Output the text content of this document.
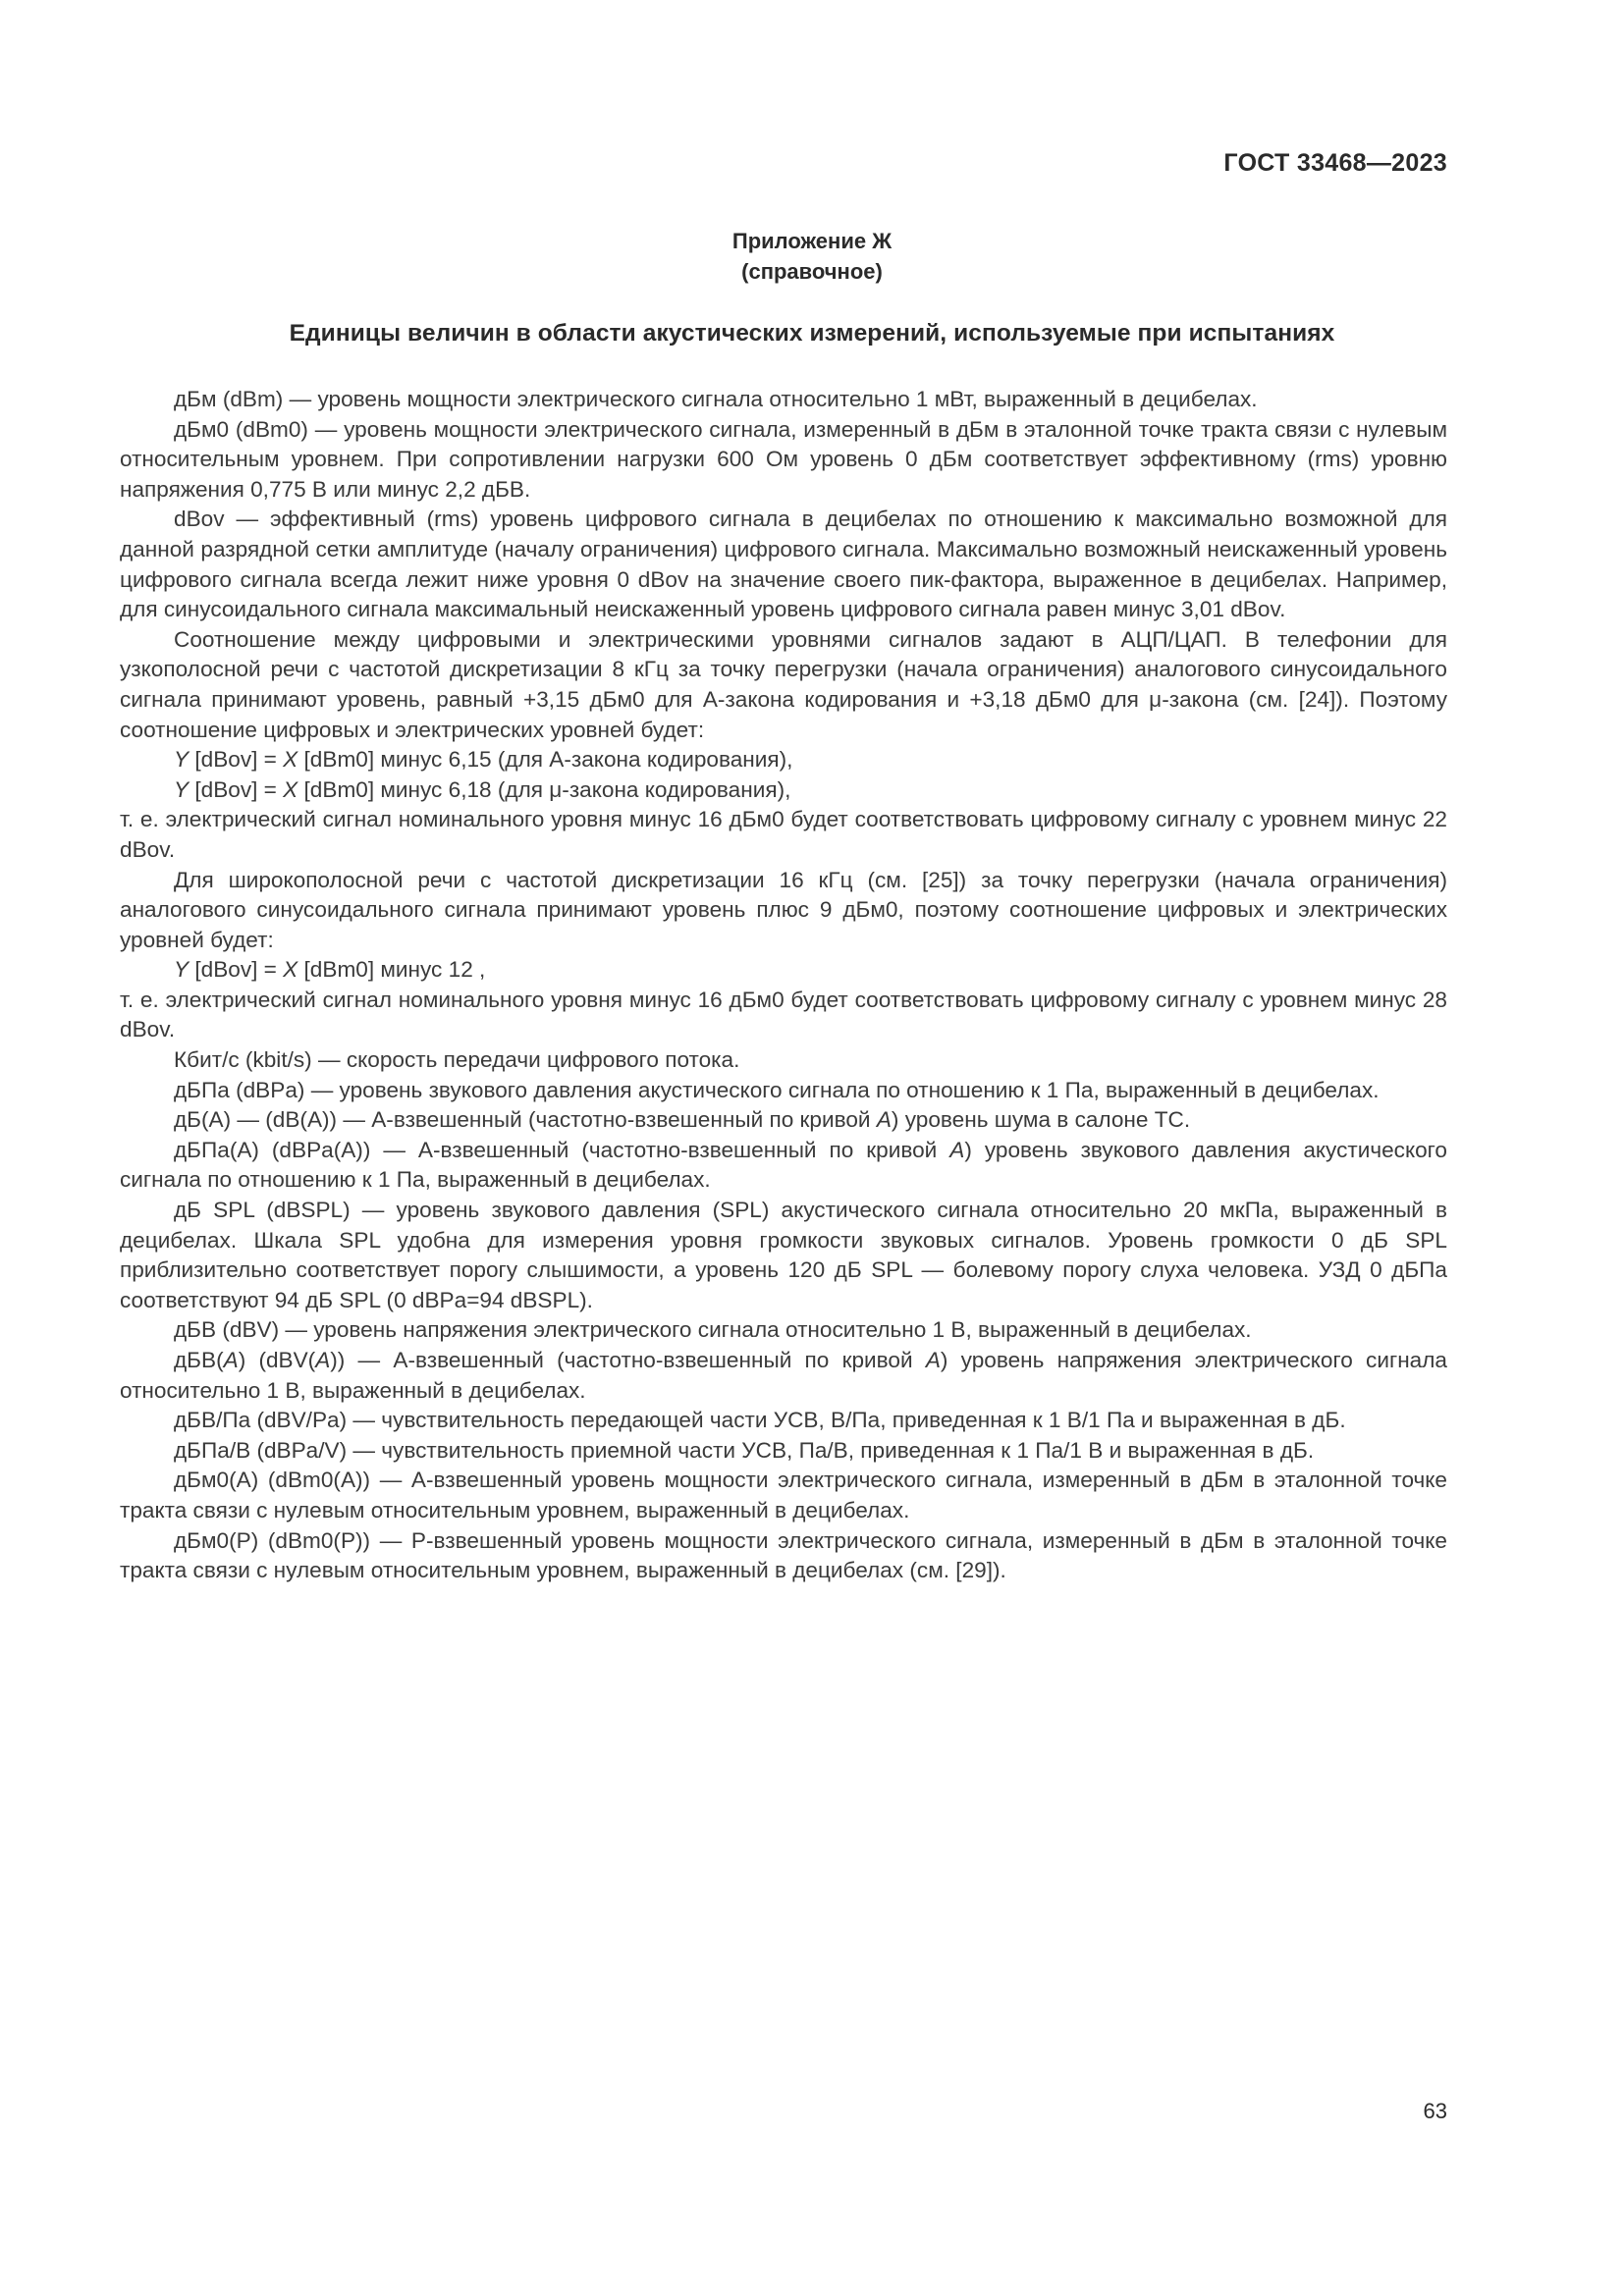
ГОСТ 33468—2023

Приложение Ж
(справочное)
Единицы величин в области акустических измерений, используемые при испытаниях

дБм (dBm) — уровень мощности электрического сигнала относительно 1 мВт, выраженный в децибелах.

дБм0 (dBm0) — уровень мощности электрического сигнала, измеренный в дБм в эталонной точке тракта связи с нулевым относительным уровнем. При сопротивлении нагрузки 600 Ом уровень 0 дБм соответствует эффективному (rms) уровню напряжения 0,775 В или минус 2,2 дБВ.

dBov — эффективный (rms) уровень цифрового сигнала в децибелах по отношению к максимально возможной для данной разрядной сетки амплитуде (началу ограничения) цифрового сигнала. Максимально возможный неискаженный уровень цифрового сигнала всегда лежит ниже уровня 0 dBov на значение своего пик-фактора, выраженное в децибелах. Например, для синусоидального сигнала максимальный неискаженный уровень цифрового сигнала равен минус 3,01 dBov.

Соотношение между цифровыми и электрическими уровнями сигналов задают в АЦП/ЦАП. В телефонии для узкополосной речи с частотой дискретизации 8 кГц за точку перегрузки (начала ограничения) аналогового синусоидального сигнала принимают уровень, равный +3,15 дБм0 для А-закона кодирования и +3,18 дБм0 для μ-закона (см. [24]). Поэтому соотношение цифровых и электрических уровней будет:

Y [dBov] = X [dBm0] минус 6,15 (для А-закона кодирования),

Y [dBov] = X [dBm0] минус 6,18 (для μ-закона кодирования),

т. е. электрический сигнал номинального уровня минус 16 дБм0 будет соответствовать цифровому сигналу с уровнем минус 22 dBov.

Для широкополосной речи с частотой дискретизации 16 кГц (см. [25]) за точку перегрузки (начала ограничения) аналогового синусоидального сигнала принимают уровень плюс 9 дБм0, поэтому соотношение цифровых и электрических уровней будет:

Y [dBov] = X [dBm0] минус 12 ,

т. е. электрический сигнал номинального уровня минус 16 дБм0 будет соответствовать цифровому сигналу с уровнем минус 28 dBov.

Кбит/с (kbit/s) — скорость передачи цифрового потока.

дБПа (dBPa) — уровень звукового давления акустического сигнала по отношению к 1 Па, выраженный в децибелах.

дБ(А) — (dB(A)) — А-взвешенный (частотно-взвешенный по кривой А) уровень шума в салоне ТС.

дБПа(А) (dBPa(A)) — А-взвешенный (частотно-взвешенный по кривой А) уровень звукового давления акустического сигнала по отношению к 1 Па, выраженный в децибелах.

дБ SPL (dBSPL) — уровень звукового давления (SPL) акустического сигнала относительно 20 мкПа, выраженный в децибелах. Шкала SPL удобна для измерения уровня громкости звуковых сигналов. Уровень громкости 0 дБ SPL приблизительно соответствует порогу слышимости, а уровень 120 дБ SPL — болевому порогу слуха человека. УЗД 0 дБПа соответствуют 94 дБ SPL (0 dBPa=94 dBSPL).

дБВ (dBV) — уровень напряжения электрического сигнала относительно 1 В, выраженный в децибелах.

дБВ(А) (dBV(A)) — А-взвешенный (частотно-взвешенный по кривой А) уровень напряжения электрического сигнала относительно 1 В, выраженный в децибелах.

дБВ/Па (dBV/Pa) — чувствительность передающей части УСВ, В/Па, приведенная к 1 В/1 Па и выраженная в дБ.

дБПа/В (dBPa/V) — чувствительность приемной части УСВ, Па/В, приведенная к 1 Па/1 В и выраженная в дБ.

дБм0(А) (dBm0(A)) — А-взвешенный уровень мощности электрического сигнала, измеренный в дБм в эталонной точке тракта связи с нулевым относительным уровнем, выраженный в децибелах.

дБм0(Р) (dBm0(P)) — Р-взвешенный уровень мощности электрического сигнала, измеренный в дБм в эталонной точке тракта связи с нулевым относительным уровнем, выраженный в децибелах (см. [29]).

63
